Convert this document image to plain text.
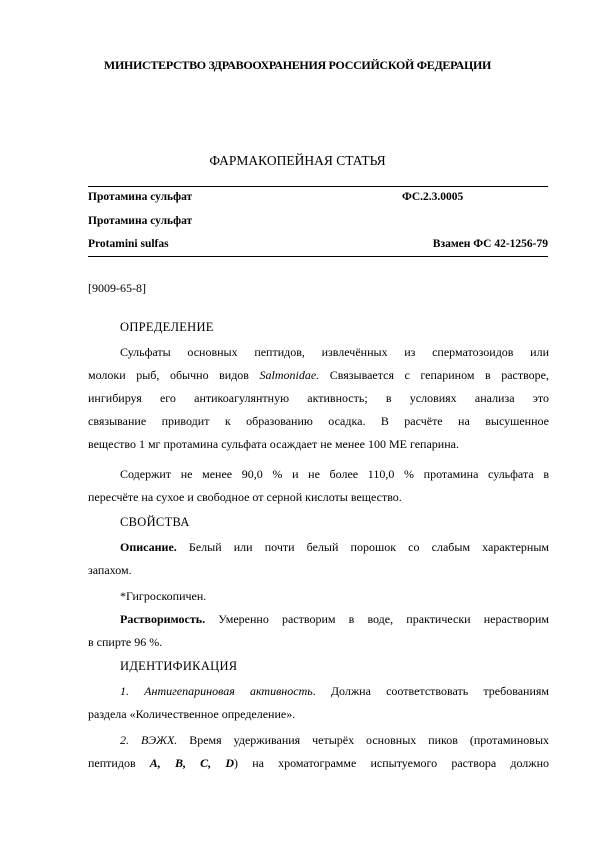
МИНИСТЕРСТВО ЗДРАВООХРАНЕНИЯ РОССИЙСКОЙ ФЕДЕРАЦИИ
ФАРМАКОПЕЙНАЯ СТАТЬЯ
Протамина сульфат	ФС.2.3.0005
Протамина сульфат
Protamini sulfas	Взамен ФС 42-1256-79
[9009-65-8]
ОПРЕДЕЛЕНИЕ
Сульфаты основных пептидов, извлечённых из сперматозоидов или
молоки рыб, обычно видов Salmonidae. Связывается с гепарином в растворе,
ингибируя его антикоагулянтную активность; в условиях анализа это
связывание приводит к образованию осадка. В расчёте на высушенное
вещество 1 мг протамина сульфата осаждает не менее 100 МЕ гепарина.
Содержит не менее 90,0 % и не более 110,0 % протамина сульфата в
пересчёте на сухое и свободное от серной кислоты вещество.
СВОЙСТВА
Описание. Белый или почти белый порошок со слабым характерным
запахом.
*Гигроскопичен.
Растворимость. Умеренно растворим в воде, практически нерастворим
в спирте 96 %.
ИДЕНТИФИКАЦИЯ
1. Антигепариновая активность. Должна соответствовать требованиям
раздела «Количественное определение».
2. ВЭЖХ. Время удерживания четырёх основных пиков (протаминовых
пептидов A, B, C, D) на хроматограмме испытуемого раствора должно
